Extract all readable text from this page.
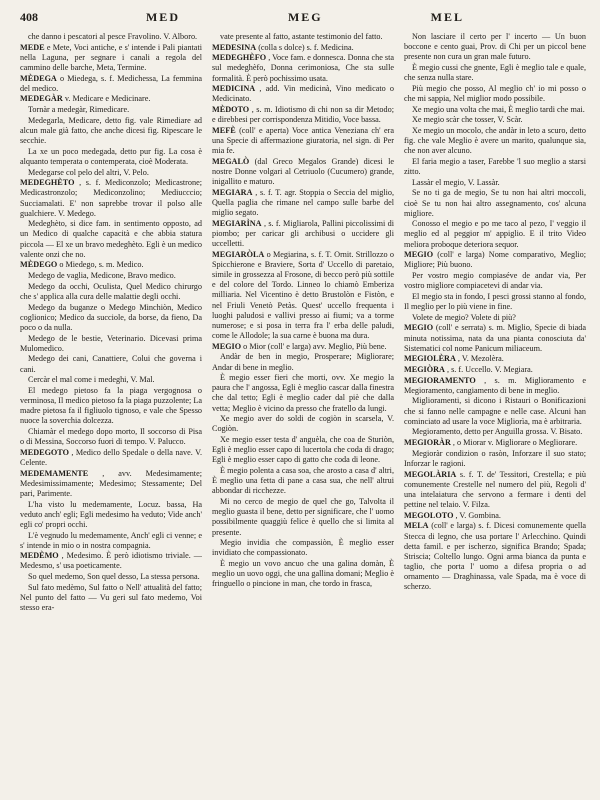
408	MED	MEG	MEL
che danno i pescatori al pesce Fravolino. V. Alboro.
MEDE e Mete, Voci antiche, e s' intende i Pali piantati nella Laguna, per segnare i canali a regola del cammino delle barche, Meta, Termine.
MÈDEGA o Miedega, s. f. Medichessa, La femmina del medico.
MEDEGÀR v. Medicare e Medicinare.
Tornàr a medegàr, Rimedicare.
Medegarla, Medicare, detto fig. vale Rimediare ad alcun male già fatto, che anche dicesi fig. Ripescare le secchie.
La xe un poco medegada, detto pur fig. La cosa è alquanto temperata o contemperata, cioè Moderata.
Medegarse col pelo del altri, V. Pelo.
MEDEGHÈTO , s. f. Mediconzolo; Medicastrone; Medicastronzolo; Mediconzolino; Mediucccio; Succiamalati. E' non saprebbe trovar il polso alle gualchiere. V. Medego.
Medeghèto, si dice fam. in sentimento opposto, ad un Medico di qualche capacità e che abbia statura piccola — El xe un bravo medeghèto. Egli è un medico valente onzi che no.
MÈDEGO o Miedego, s. m. Medico.
Medego de vaglia, Medicone, Bravo medico.
Medego da occhi, Oculista, Quel Medico chirurgo che s' applica alla cura delle malattie degli occhi.
Medego da buganze o Medego Minchiòn, Medico coglionico; Medico da succiole, da borse, da fieno, Da poco o da nulla.
Medego de le bestie, Veterinario. Dicevasi prima Mulomedico.
Medego dei cani, Canattiere, Colui che governa i cani.
Cercàr el mal come i medeghi, V. Mal.
El medego pietoso fa la piaga vergognosa o verminosa, Il medico pietoso fa la piaga puzzolente; La madre pietosa fa il figliuolo tignoso, e vale che Spesso nuoce la soverchia dolcezza.
Chiamàr el medego dopo morto, Il soccorso di Pisa o di Messina, Soccorso fuori di tempo. V. Palucco.
MEDEGOTO , Medico dello Spedale o della nave. V. Celente.
MEDEMAMENTE , avv. Medesimamente; Medesimissimamente; Medesimo; Stessamente; Del pari, Parimente.
L'ha visto lu medemamente, Locuz. bassa, Ha veduto anch' egli; Egli medesimo ha veduto; Vide anch' egli co' propri occhi.
L'è vegnudo lu medemamente, Anch' egli ci venne; e s' intende in mio o in nostra compagnia.
MEDÈMO , Medesimo. È però idiotismo triviale. — Medesmo, s' usa poeticamente.
So quel medemo, Son quel desso, La stessa persona.
Sul fato medèmo, Sul fatto o Nell' attualità del fatto; Nel punto del fatto — Vu geri sul fato medemo, Voi stesso era-
vate presente al fatto, astante testimonio del fatto.
MEDESINA (colla s dolce) s. f. Medicina.
MEDEGHÈFO , Voce fam. e donnesca. Donna che sta sul medeghèfo, Donna cerimoniosa, Che sta sulle formalità. È però pochissimo usata.
MEDICINA , add. Vin medicinà, Vino medicato o Medicinato.
MÈDOTO , s. m. Idiotismo di chi non sa dir Metodo; e direbbesi per corrispondenza Mitidio, Voce bassa.
MEFÈ (coll' e aperta) Voce antica Veneziana ch' era una Specie di affermazione giuratoria, nel sign. di Per mia fe.
MEGALÒ (dal Greco Megalos Grande) dicesi le nostre Donne volgari al Cetriuolo (Cucumero) grande, inigallito e maturo.
MEGIARA , s. f. T. agr. Stoppia o Seccia del miglio, Quella paglia che rimane nel campo sulle barbe del miglio segato.
MEGIARÌNA , s. f. Migliarola, Pallini piccolissimi di piombo; per caricar gli archibusi o uccidere gli uccelletti.
MEGIARÒLA o Megiarina, s. f. T. Ornit. Strillozzo o Spicchierone e Braviere, Sorta d' Uccello di paretaio, simile in grossezza al Frosone, di becco però più sottile e del colore del Tordo. Linneo lo chiamò Emberiza milliaria. Nel Vicentino è detto Brustolòn e Fistòn, e nel Friuli Venetò Petàs. Quest' uccello frequenta i luoghi paludosi e vallivi presso ai fiumi; va a torme numerose; e si posa in terra fra l' erba delle paludi, come le Allodole; la sua carne è buona ma dura.
MEGIO o Mior (coll' e larga) avv. Meglio, Più bene.
Andàr de ben in megio, Prosperare; Migliorare; Andar di bene in meglio.
È megio esser fieri che morti, ovv. Xe megio la paura che l' angossa, Egli è meglio cascar dalla finestra che dal tetto; Egli è meglio cader dal piè che dalla vetta; Meglio è vicino da presso che fratello da lungi.
Xe megio aver do soldi de cogiòn in scarsela, V. Cogiòn.
Xe megio esser testa d' anguèla, che coa de Sturiòn, Egli è meglio esser capo di lucertola che coda di drago; Egli è meglio esser capo di gatto che coda di leone.
È megio polenta a casa soa, che arosto a casa d' altri, È meglio una fetta di pane a casa sua, che nell' altrui abbondar di ricchezze.
Mi no cerco de megio de quel che go, Talvolta il meglio guasta il bene, detto per significare, che l' uomo possibilmente quaggiù felice è quello che si limita al presente.
Megio invidia che compassiòn, È meglio esser invidiato che compassionato.
È megio un vovo ancuo che una galina domàn, È meglio un uovo oggi, che una gallina domani; Meglio è fringuello o pincione in man, che tordo in frasca,
Non lasciare il certo per l' incerto — Un buon boccone e cento guai, Prov. di Chi per un piccol bene presente non cura un gran male futuro.
È megio cussi che gnente, Egli è meglio tale e quale, che senza nulla stare.
Più megio che posso, Al meglio ch' io mi posso o che mi sappia, Nel miglior modo possibile.
Xe megio una volta che mai, È meglio tardi che mai.
Xe megio scàr che tosser, V. Scàr.
Xe megio un mocolo, che andàr in leto a scuro, detto fig. che vale Meglio è avere un marito, qualunque sia, che non aver alcuno.
El faria megio a taser, Farebbe 'l suo meglio a starsi zitto.
Lassàr el megio, V. Lassàr.
Se no ti ga de megio, Se tu non hai altri moccoli, cioè Se tu non hai altro assegnamento, cos' alcuna migliore.
Conosso el megio e po me taco al pezo, I' veggio il meglio ed al peggior m' appiglio. E il trito Video meliora proboque deteriora sequor.
MEGIO (coll' e larga) Nome comparativo, Meglio; Migliore; Più buono.
Per vostro megio compiaséve de andar via, Per vostro migliore compiacetevi di andar via.
El megio sta in fondo, I pesci grossi stanno al fondo, Il meglio per lo più viene in fine.
Volete de megio? Volete di più?
MEGIO (coll' e serrata) s. m. Miglio, Specie di biada minuta notissima, nata da una pianta conosciuta da' Sistematici col nome Panicum miliaceum.
MEGIOLÈRA , V. Mezolèra.
MEGIÒRA , s. f. Uccello. V. Megiara.
MEGIORAMENTO , s. m. Miglioramento e Megioramento, cangiamento di bene in meglio.
Miglioramenti, si dicono i Ristauri o Bonificazioni che si fanno nelle campagne e nelle case. Alcuni han cominciato ad usare la voce Migliorìa, ma è arbitraria.
Megioramento, detto per Anguilla grossa. V. Bisato.
MEGIORÀR , o Miorar v. Migliorare o Megliorare.
Megioràr condizion o rasòn, Inforzare il suo stato; Inforzar le ragioni.
MEGOLÀRIA s. f. T. de' Tessitori, Crestella; e più comunemente Crestelle nel numero del più, Regoli d' una intelaiatura che servono a fermare i denti del pettine nel telaio. V. Filza.
MEGOLOTO , V. Gombina.
MELA (coll' e larga) s. f. Dicesi comunemente quella Stecca di legno, che usa portare l' Arlecchino. Quindi detta famil. e per ischerzo, significa Brando; Spada; Striscia; Coltello lungo. Ogni arma bianca da punta e taglio, che porta l' uomo a difesa propria o ad ornamento — Draghinassa, vale Spada, ma è voce di scherzo.
